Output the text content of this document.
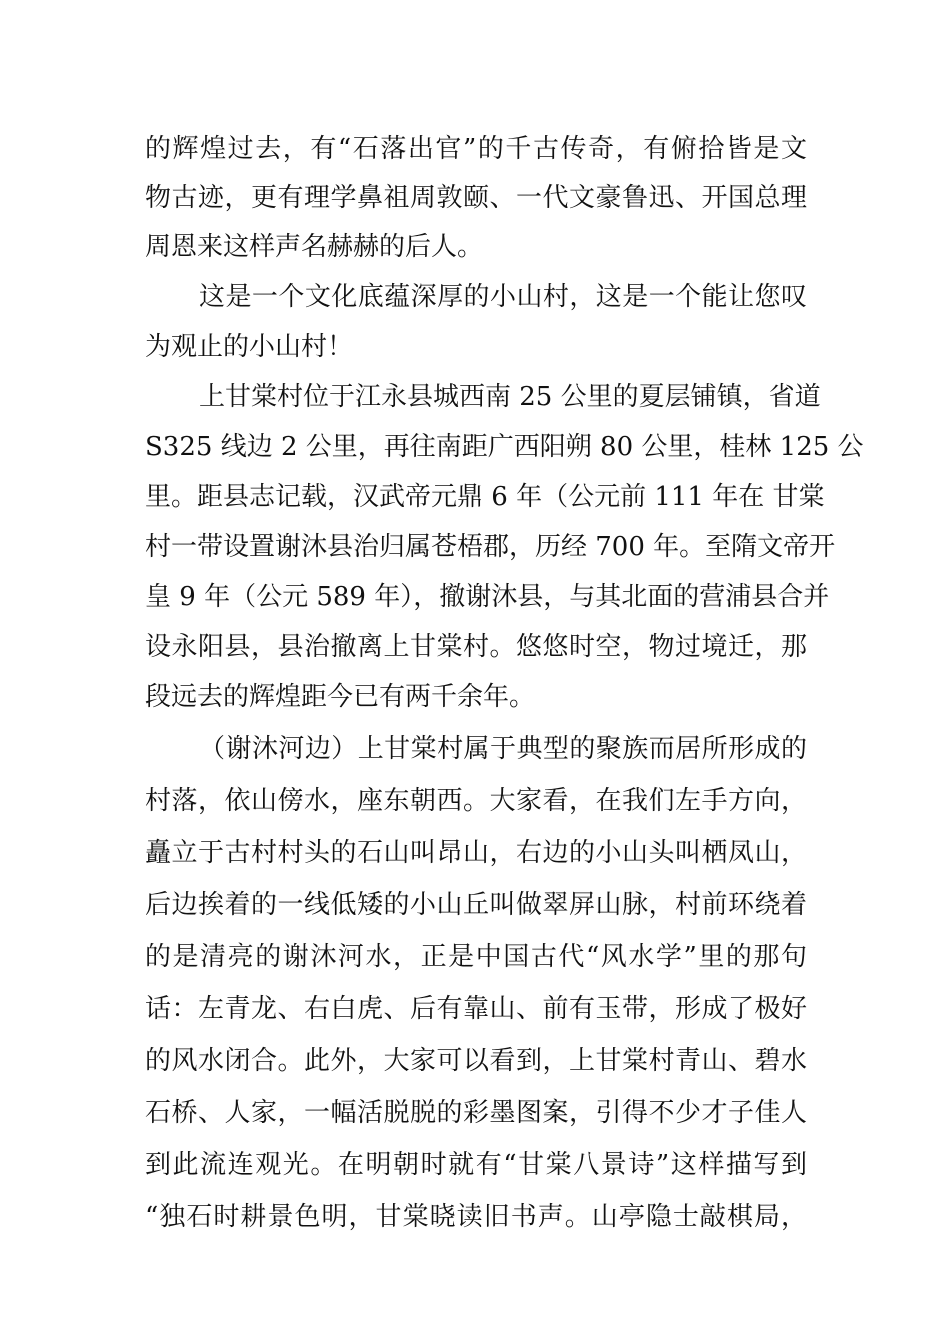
的辉煌过去，有“石落出官”的千古传奇，有俯拾皆是文
物古迹，更有理学鼻祖周敦颐、一代文豪鲁迅、开国总理
周恩来这样声名赫赫的后人。
这是一个文化底蕴深厚的小山村，这是一个能让您叹
为观止的小山村！
上甘棠村位于江永县城西南 25 公里的夏层铺镇，省道
S325 线边 2 公里，再往南距广西阳朔 80 公里，桂林 125 公
里。距县志记载，汉武帝元鼎 6 年（公元前 111 年在 甘棠
村一带设置谢沐县治归属苍梧郡，历经 700 年。至隋文帝开
皇 9 年（公元 589 年），撤谢沐县，与其北面的营浦县合并
设永阳县，县治撤离上甘棠村。悠悠时空，物过境迁，那
段远去的辉煌距今已有两千余年。
（谢沐河边）上甘棠村属于典型的聚族而居所形成的
村落，依山傍水，座东朝西。大家看，在我们左手方向，
矗立于古村村头的石山叫昂山，右边的小山头叫栖凤山，
后边挨着的一线低矮的小山丘叫做翠屏山脉，村前环绕着
的是清亮的谢沐河水，正是中国古代“风水学”里的那句
话：左青龙、右白虎、后有靠山、前有玉带，形成了极好
的风水闭合。此外，大家可以看到，上甘棠村青山、碧水
石桥、人家，一幅活脱脱的彩墨图案，引得不少才子佳人
到此流连观光。在明朝时就有“甘棠八景诗”这样描写到
“独石时耕景色明，甘棠晓读旧书声。山亭隐士敲棋局，
